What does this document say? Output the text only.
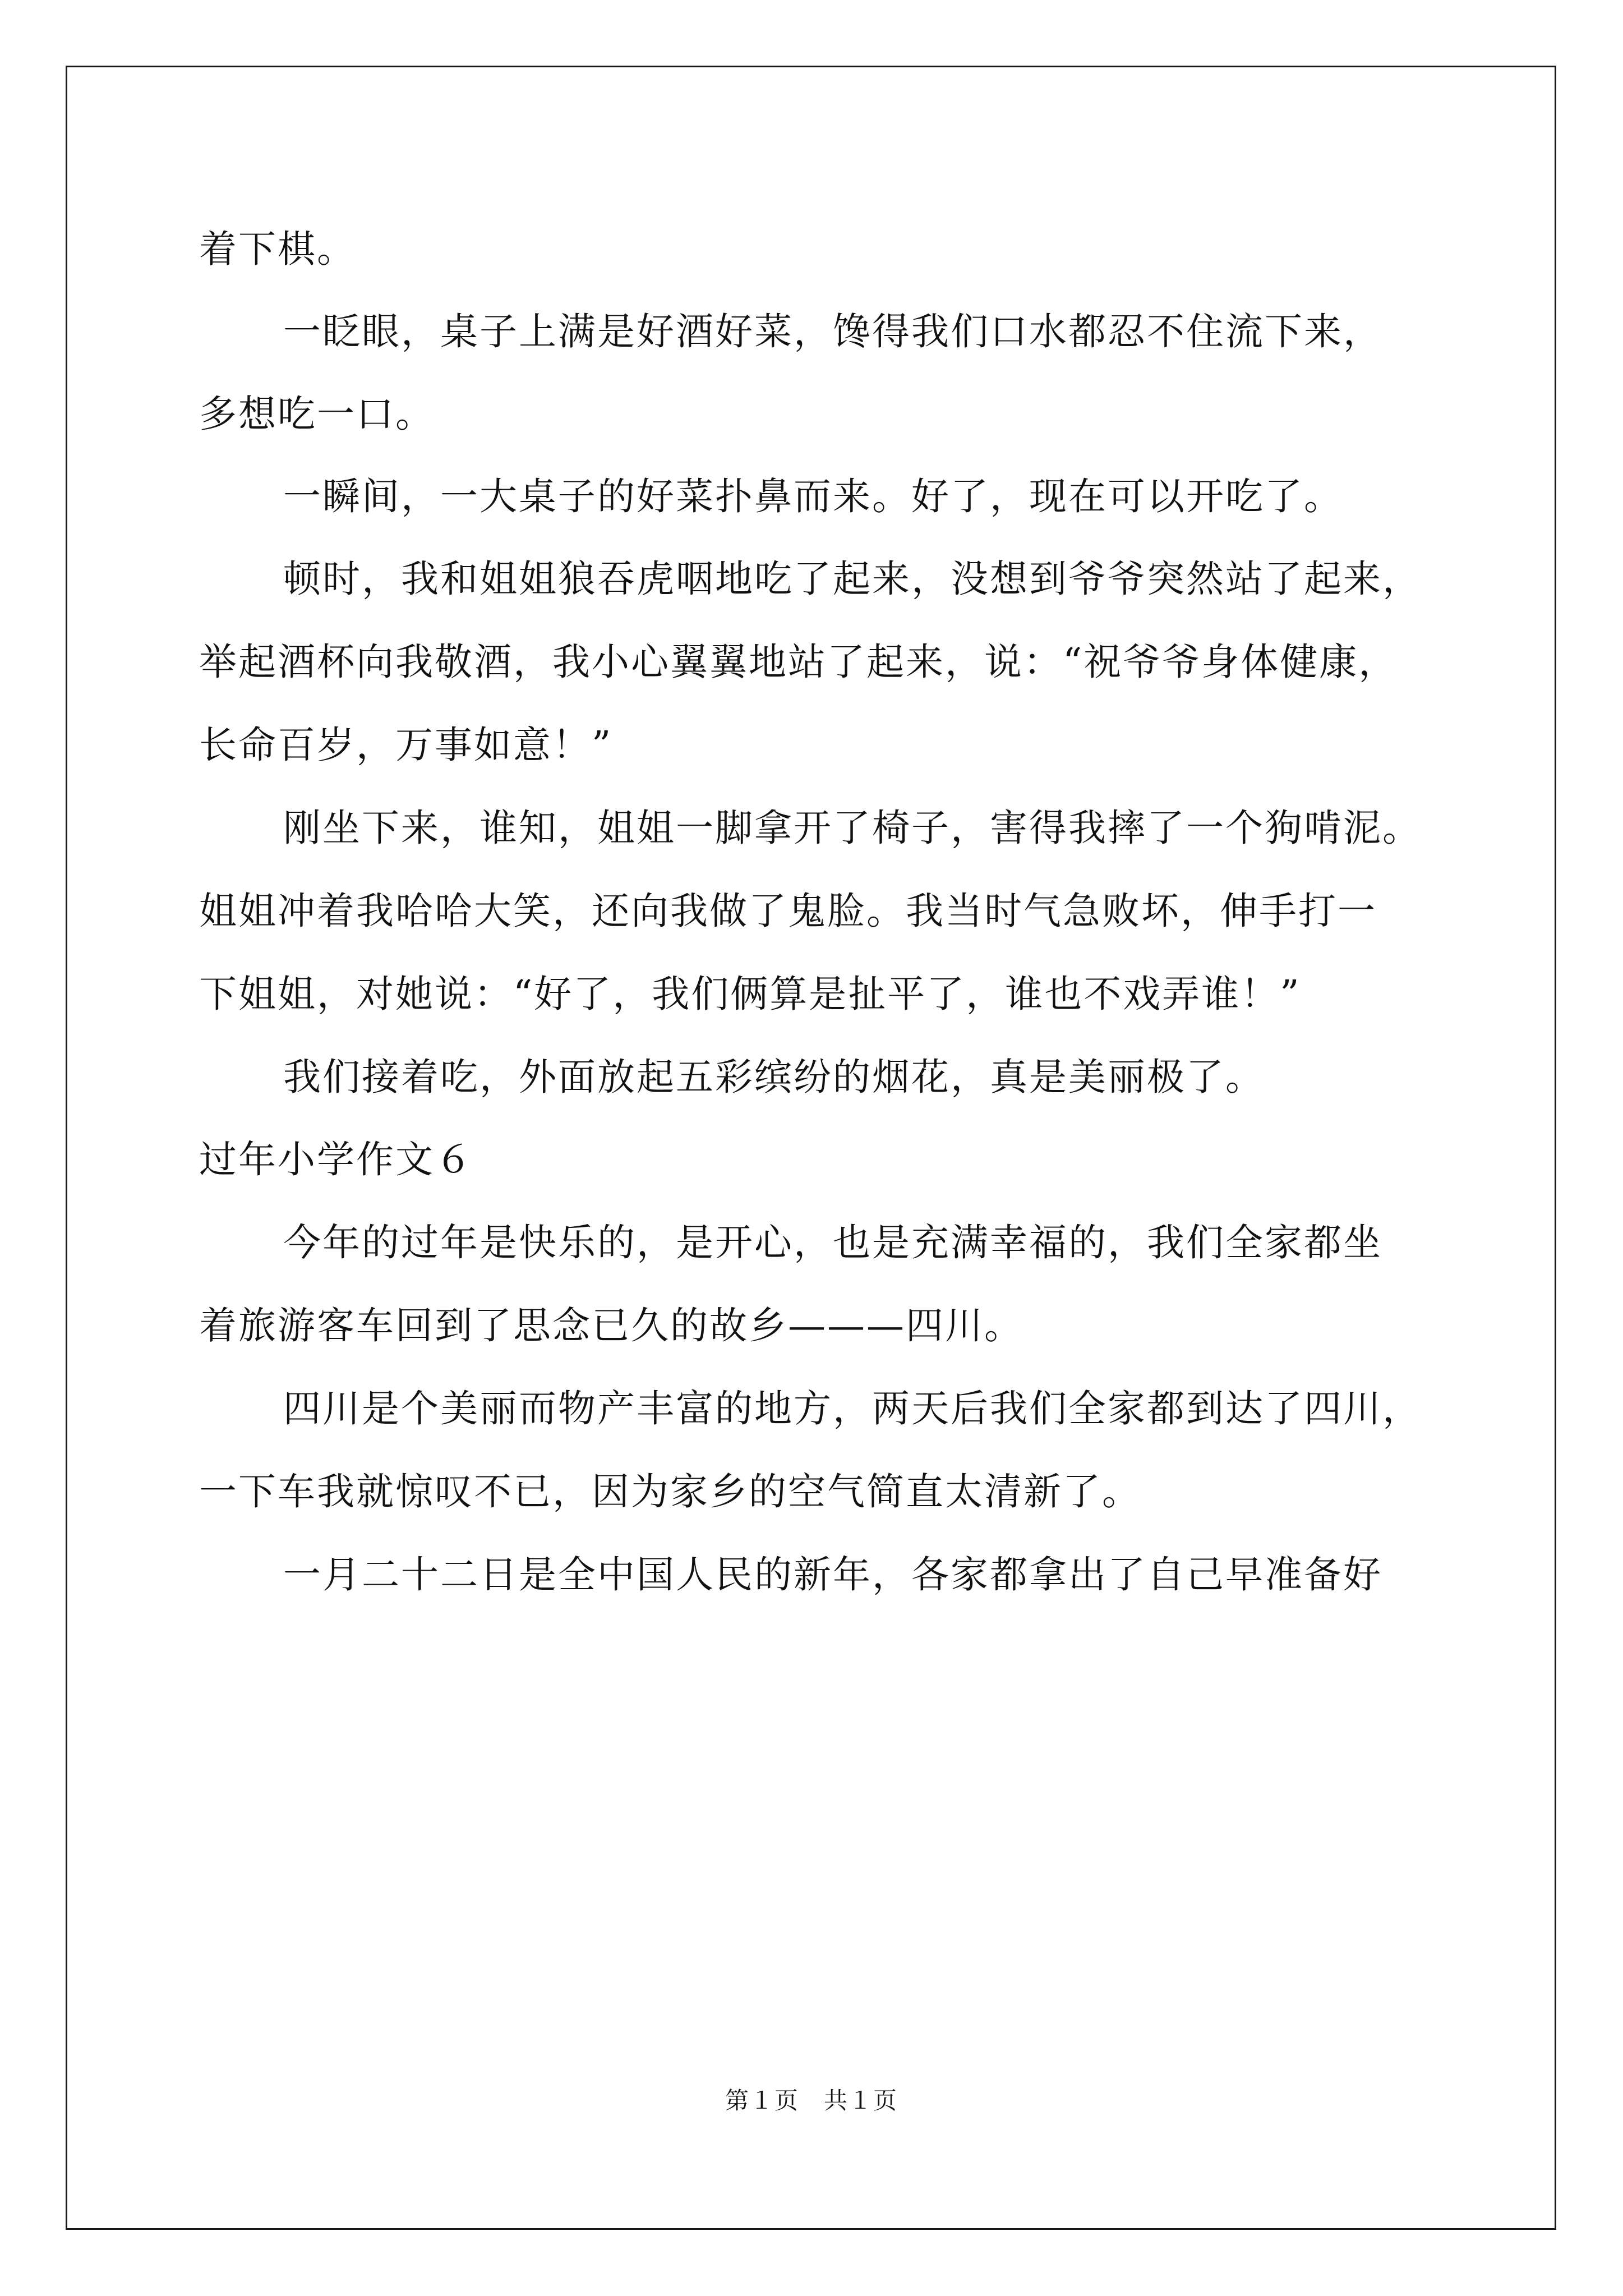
着下棋。
一眨眼，桌子上满是好酒好菜，馋得我们口水都忍不住流下来，
多想吃一口。
一瞬间，一大桌子的好菜扑鼻而来。好了，现在可以开吃了。
顿时，我和姐姐狼吞虎咽地吃了起来，没想到爷爷突然站了起来，
举起酒杯向我敬酒，我小心翼翼地站了起来，说：“祝爷爷身体健康，
长命百岁，万事如意！”
刚坐下来，谁知，姐姐一脚拿开了椅子，害得我摔了一个狗啃泥。
姐姐冲着我哈哈大笑，还向我做了鬼脸。我当时气急败坏，伸手打一
下姐姐，对她说：“好了，我们俩算是扯平了，谁也不戏弄谁！”
我们接着吃，外面放起五彩缤纷的烟花，真是美丽极了。
过年小学作文６
今年的过年是快乐的，是开心，也是充满幸福的，我们全家都坐
着旅游客车回到了思念已久的故乡———四川。
四川是个美丽而物产丰富的地方，两天后我们全家都到达了四川，
一下车我就惊叹不已，因为家乡的空气简直太清新了。
一月二十二日是全中国人民的新年，各家都拿出了自己早准备好
第１页　共１页
